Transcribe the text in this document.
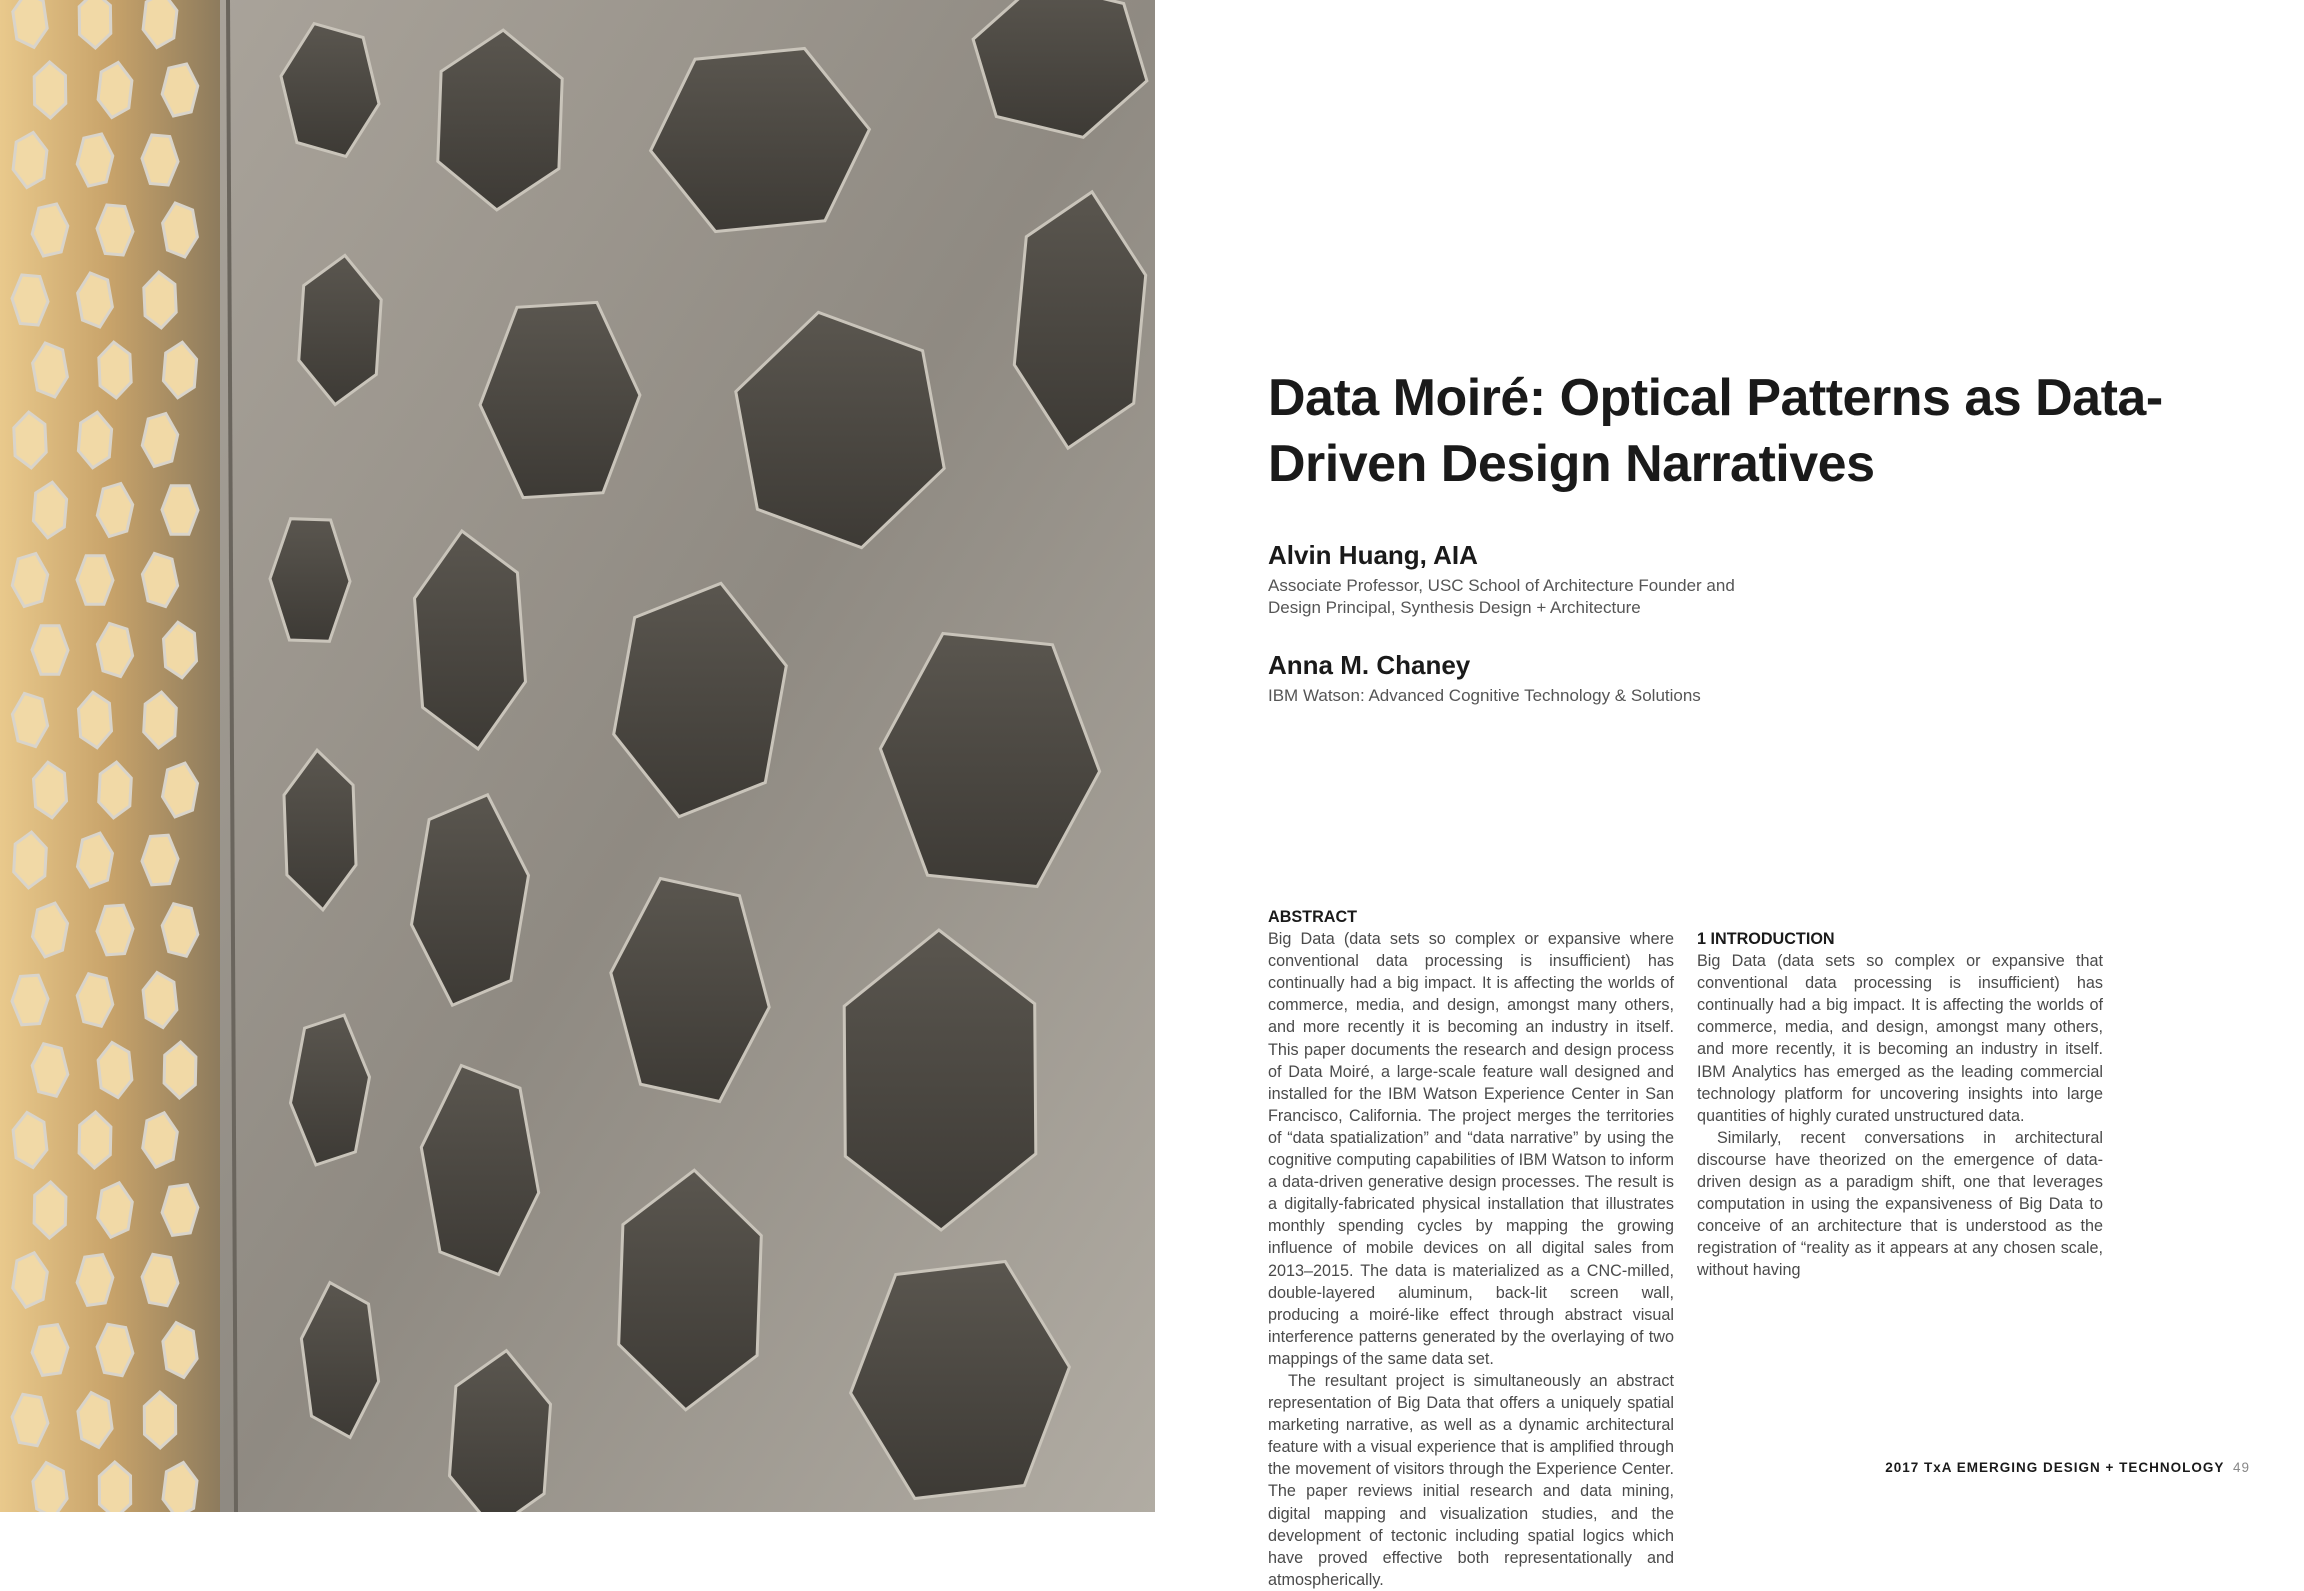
Data Moiré: Optical Patterns as Data-Driven Design Narratives

Alvin Huang, AIA

Associate Professor, USC School of Architecture Founder and Design Principal, Synthesis Design + Architecture

Anna M. Chaney

IBM Watson: Advanced Cognitive Technology & Solutions

ABSTRACT

Big Data (data sets so complex or expansive where conventional data processing is insufficient) has continually had a big impact. It is affecting the worlds of commerce, media, and design, amongst many others, and more recently it is becoming an industry in itself. This paper documents the research and design process of Data Moiré, a large-scale feature wall designed and installed for the IBM Watson Experience Center in San Francisco, California. The project merges the territories of “data spatialization” and “data narrative” by using the cognitive computing capabilities of IBM Watson to inform a data-driven generative design processes. The result is a digitally-fabricated physical installation that illustrates monthly spending cycles by mapping the growing influence of mobile devices on all digital sales from 2013–2015. The data is materialized as a CNC-milled, double-layered aluminum, back-lit screen wall, producing a moiré-like effect through abstract visual interference patterns generated by the overlaying of two mappings of the same data set.

The resultant project is simultaneously an abstract representation of Big Data that offers a uniquely spatial marketing narrative, as well as a dynamic architectural feature with a visual experience that is amplified through the movement of visitors through the Experience Center. The paper reviews initial research and data mining, digital mapping and visualization studies, and the development of tectonic including spatial logics which have proved effective both representationally and atmospherically.

1 INTRODUCTION

Big Data (data sets so complex or expansive that conventional data processing is insufficient) has continually had a big impact. It is affecting the worlds of commerce, media, and design, amongst many others, and more recently, it is becoming an industry in itself. IBM Analytics has emerged as the leading commercial technology platform for uncovering insights into large quantities of highly curated unstructured data.

Similarly, recent conversations in architectural discourse have theorized on the emergence of data-driven design as a paradigm shift, one that leverages computation in using the expansiveness of Big Data to conceive of an architecture that is understood as the registration of “reality as it appears at any chosen scale, without having

2017 TxA EMERGING DESIGN + TECHNOLOGY 49
